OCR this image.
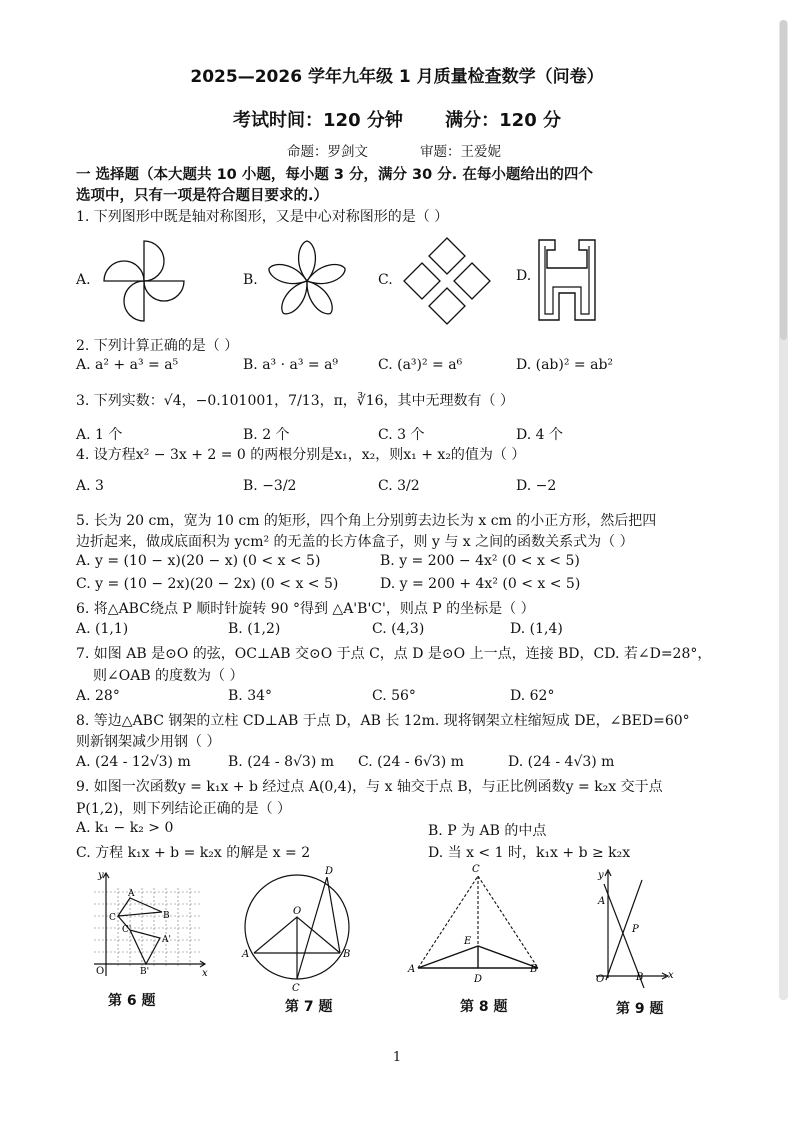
2025—2026 学年九年级 1 月质量检查数学（问卷）
考试时间：120 分钟 满分：120 分
命题：罗剑文	审题：王爱妮
一 选择题（本大题共 10 小题，每小题 3 分，满分 30 分. 在每小题给出的四个
选项中，只有一项是符合题目要求的.）
1. 下列图形中既是轴对称图形，又是中心对称图形的是（ ）
A.	B.	C.	D.
2. 下列计算正确的是（ ）
A. a² + a³ = a⁵	B. a³ · a³ = a⁹	C. (a³)² = a⁶	D. (ab)² = ab²
3. 下列实数：√4，−0.101001，7/13，π，∛16，其中无理数有（ ）
A. 1 个	B. 2 个	C. 3 个	D. 4 个
4. 设方程x² − 3x + 2 = 0 的两根分别是x₁，x₂，则x₁ + x₂的值为（ ）
A. 3	B. −3/2	C. 3/2	D. −2
5. 长为 20 cm，宽为 10 cm 的矩形，四个角上分别剪去边长为 x cm 的小正方形，然后把四
边折起来，做成底面积为 ycm² 的无盖的长方体盒子，则 y 与 x 之间的函数关系式为（ ）
A. y = (10 − x)(20 − x) (0 < x < 5)	B. y = 200 − 4x² (0 < x < 5)
C. y = (10 − 2x)(20 − 2x) (0 < x < 5)	D. y = 200 + 4x² (0 < x < 5)
6. 将△ABC绕点 P 顺时针旋转 90 °得到 △A'B'C'，则点 P 的坐标是（ ）
A. (1,1)	B. (1,2)	C. (4,3)	D. (1,4)
7. 如图 AB 是⊙O 的弦，OC⊥AB 交⊙O 于点 C，点 D 是⊙O 上一点，连接 BD，CD. 若∠D=28°，
则∠OAB 的度数为（ ）
A. 28°	B. 34°	C. 56°	D. 62°
8. 等边△ABC 钢架的立柱 CD⊥AB 于点 D，AB 长 12m. 现将钢架立柱缩短成 DE，∠BED=60°
则新钢架减少用钢（ ）
A. (24 - 12√3) m	B. (24 - 8√3) m C. (24 - 6√3) m	D. (24 - 4√3) m
9. 如图一次函数y = k₁x + b 经过点 A(0,4)，与 x 轴交于点 B，与正比例函数y = k₂x 交于点
P(1,2)，则下列结论正确的是（ ）
A. k₁ − k₂ > 0	B. P 为 AB 的中点
C. 方程 k₁x + b = k₂x 的解是 x = 2	D. 当 x < 1 时，k₁x + b ≥ k₂x
y
x
O
A
B
C
A'
B'
C'
第 6 题
O
A	B
C
D
第 7 题
C
E
A	B
D
第 8 题
y
x
O
A
B
P
第 9 题
1
